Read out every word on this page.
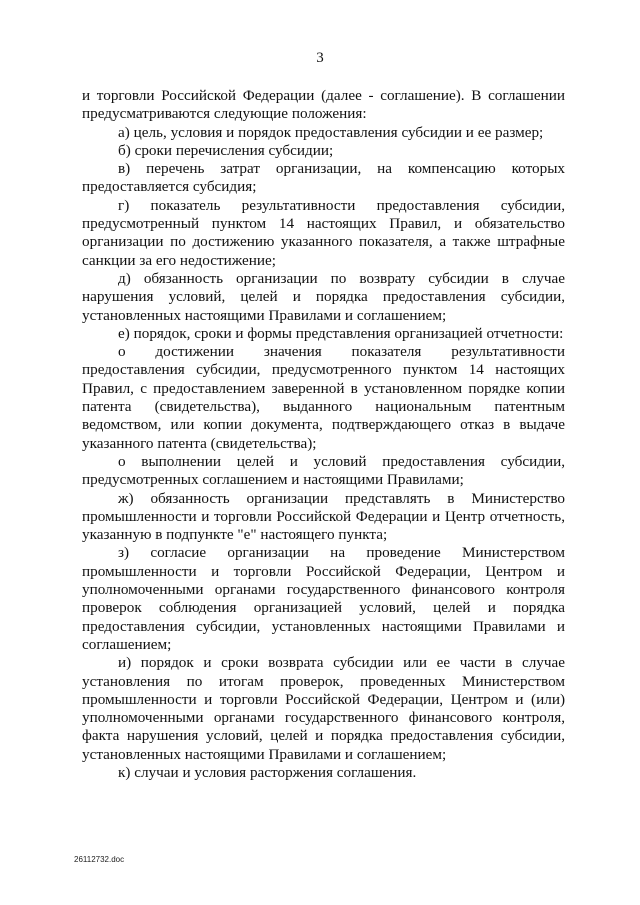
3

и торговли Российской Федерации (далее - соглашение). В соглашении предусматриваются следующие положения:

а) цель, условия и порядок предоставления субсидии и ее размер;

б) сроки перечисления субсидии;

в) перечень затрат организации, на компенсацию которых предоставляется субсидия;

г) показатель результативности предоставления субсидии, предусмотренный пунктом 14 настоящих Правил, и обязательство организации по достижению указанного показателя, а также штрафные санкции за его недостижение;

д) обязанность организации по возврату субсидии в случае нарушения условий, целей и порядка предоставления субсидии, установленных настоящими Правилами и соглашением;

е) порядок, сроки и формы представления организацией отчетности:

о достижении значения показателя результативности предоставления субсидии, предусмотренного пунктом 14 настоящих Правил, с предоставлением заверенной в установленном порядке копии патента (свидетельства), выданного национальным патентным ведомством, или копии документа, подтверждающего отказ в выдаче указанного патента (свидетельства);

о выполнении целей и условий предоставления субсидии, предусмотренных соглашением и настоящими Правилами;

ж) обязанность организации представлять в Министерство промышленности и торговли Российской Федерации и Центр отчетность, указанную в подпункте "е" настоящего пункта;

з) согласие организации на проведение Министерством промышленности и торговли Российской Федерации, Центром и уполномоченными органами государственного финансового контроля проверок соблюдения организацией условий, целей и порядка предоставления субсидии, установленных настоящими Правилами и соглашением;

и) порядок и сроки возврата субсидии или ее части в случае установления по итогам проверок, проведенных Министерством промышленности и торговли Российской Федерации, Центром и (или) уполномоченными органами государственного финансового контроля, факта нарушения условий, целей и порядка предоставления субсидии, установленных настоящими Правилами и соглашением;

к) случаи и условия расторжения соглашения.

26112732.doc
